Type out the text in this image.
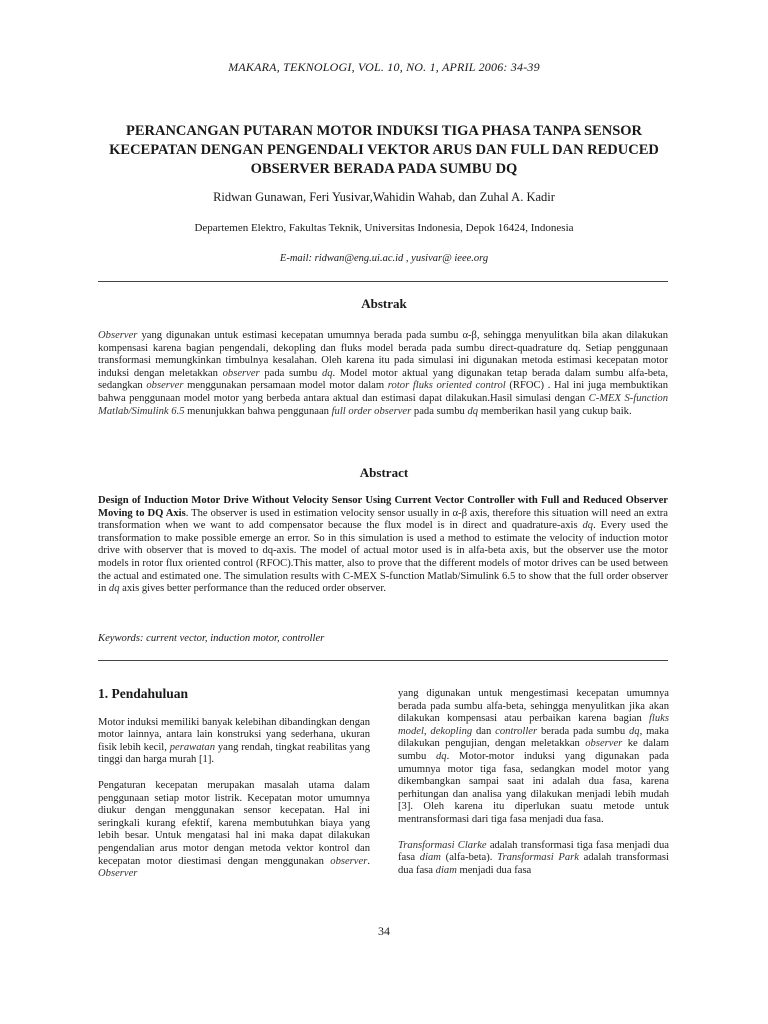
MAKARA, TEKNOLOGI, VOL. 10, NO. 1, APRIL 2006: 34-39
PERANCANGAN PUTARAN MOTOR INDUKSI TIGA PHASA TANPA SENSOR KECEPATAN DENGAN PENGENDALI VEKTOR ARUS DAN FULL DAN REDUCED OBSERVER BERADA PADA SUMBU DQ
Ridwan Gunawan, Feri Yusivar,Wahidin Wahab, dan Zuhal A. Kadir
Departemen Elektro, Fakultas Teknik, Universitas Indonesia, Depok 16424, Indonesia
E-mail: ridwan@eng.ui.ac.id , yusivar@ ieee.org
Abstrak
Observer yang digunakan untuk estimasi kecepatan umumnya berada pada sumbu α-β, sehingga menyulitkan bila akan dilakukan kompensasi karena bagian pengendali, dekopling dan fluks model berada pada sumbu direct-quadrature dq. Setiap penggunaan transformasi memungkinkan timbulnya kesalahan. Oleh karena itu pada simulasi ini digunakan metoda estimasi kecepatan motor induksi dengan meletakkan observer pada sumbu dq. Model motor aktual yang digunakan tetap berada dalam sumbu alfa-beta, sedangkan observer menggunakan persamaan model motor dalam rotor fluks oriented control (RFOC) . Hal ini juga membuktikan bahwa penggunaan model motor yang berbeda antara aktual dan estimasi dapat dilakukan.Hasil simulasi dengan C-MEX S-function Matlab/Simulink 6.5 menunjukkan bahwa penggunaan full order observer pada sumbu dq memberikan hasil yang cukup baik.
Abstract
Design of Induction Motor Drive Without Velocity Sensor Using Current Vector Controller with Full and Reduced Observer Moving to DQ Axis. The observer is used in estimation velocity sensor usually in α-β axis, therefore this situation will need an extra transformation when we want to add compensator because the flux model is in direct and quadrature-axis dq. Every used the transformation to make possible emerge an error. So in this simulation is used a method to estimate the velocity of induction motor drive with observer that is moved to dq-axis. The model of actual motor used is in alfa-beta axis, but the observer use the motor models in rotor flux oriented control (RFOC).This matter, also to prove that the different models of motor drives can be used between the actual and estimated one. The simulation results with C-MEX S-function Matlab/Simulink 6.5 to show that the full order observer in dq axis gives better performance than the reduced order observer.
Keywords: current vector, induction motor, controller
1. Pendahuluan

Motor induksi memiliki banyak kelebihan dibandingkan dengan motor lainnya, antara lain konstruksi yang sederhana, ukuran fisik lebih kecil, perawatan yang rendah, tingkat reabilitas yang tinggi dan harga murah [1].

Pengaturan kecepatan merupakan masalah utama dalam penggunaan setiap motor listrik. Kecepatan motor umumnya diukur dengan menggunakan sensor kecepatan. Hal ini seringkali kurang efektif, karena membutuhkan biaya yang lebih besar. Untuk mengatasi hal ini maka dapat dilakukan pengendalian arus motor dengan metoda vektor kontrol dan kecepatan motor diestimasi dengan menggunakan observer. Observer

yang digunakan untuk mengestimasi kecepatan umumnya berada pada sumbu alfa-beta, sehingga menyulitkan jika akan dilakukan kompensasi atau perbaikan karena bagian fluks model, dekopling dan controller berada pada sumbu dq, maka dilakukan pengujian, dengan meletakkan observer ke dalam sumbu dq. Motor-motor induksi yang digunakan pada umumnya motor tiga fasa, sedangkan model motor yang dikembangkan sampai saat ini adalah dua fasa, karena perhitungan dan analisa yang dilakukan menjadi lebih mudah [3]. Oleh karena itu diperlukan suatu metode untuk mentransformasi dari tiga fasa menjadi dua fasa.

Transformasi Clarke adalah transformasi tiga fasa menjadi dua fasa diam (alfa-beta). Transformasi Park adalah transformasi dua fasa diam menjadi dua fasa

34
